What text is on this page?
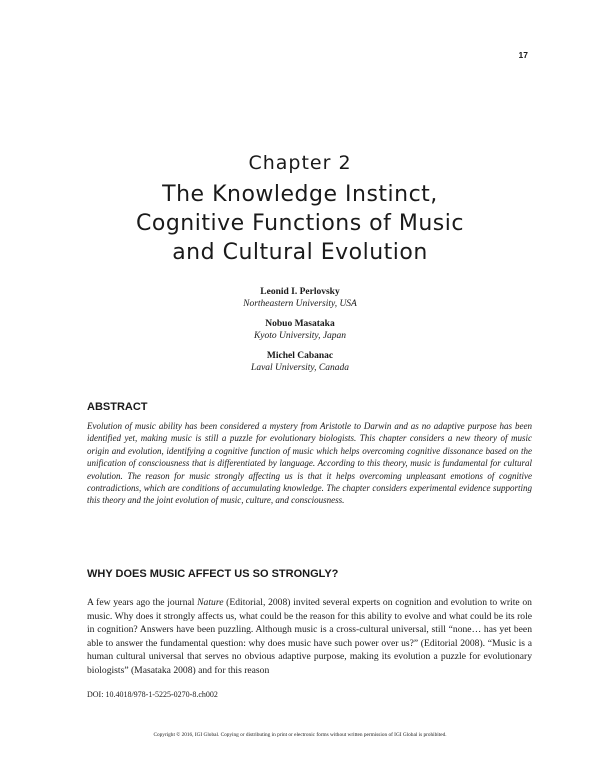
17
Chapter 2
The Knowledge Instinct,
Cognitive Functions of Music
and Cultural Evolution
Leonid I. Perlovsky
Northeastern University, USA
Nobuo Masataka
Kyoto University, Japan
Michel Cabanac
Laval University, Canada
ABSTRACT
Evolution of music ability has been considered a mystery from Aristotle to Darwin and as no adaptive purpose has been identified yet, making music is still a puzzle for evolutionary biologists. This chapter considers a new theory of music origin and evolution, identifying a cognitive function of music which helps overcoming cognitive dissonance based on the unification of consciousness that is differentiated by language. According to this theory, music is fundamental for cultural evolution. The reason for music strongly affecting us is that it helps overcoming unpleasant emotions of cognitive contradictions, which are conditions of accumulating knowledge. The chapter considers experimental evidence supporting this theory and the joint evolution of music, culture, and consciousness.
WHY DOES MUSIC AFFECT US SO STRONGLY?
A few years ago the journal Nature (Editorial, 2008) invited several experts on cognition and evolution to write on music. Why does it strongly affects us, what could be the reason for this ability to evolve and what could be its role in cognition? Answers have been puzzling. Although music is a cross-cultural universal, still “none… has yet been able to answer the fundamental question: why does music have such power over us?” (Editorial 2008). “Music is a human cultural universal that serves no obvious adaptive purpose, making its evolution a puzzle for evolutionary biologists” (Masataka 2008) and for this reason
DOI: 10.4018/978-1-5225-0270-8.ch002
Copyright © 2016, IGI Global. Copying or distributing in print or electronic forms without written permission of IGI Global is prohibited.
